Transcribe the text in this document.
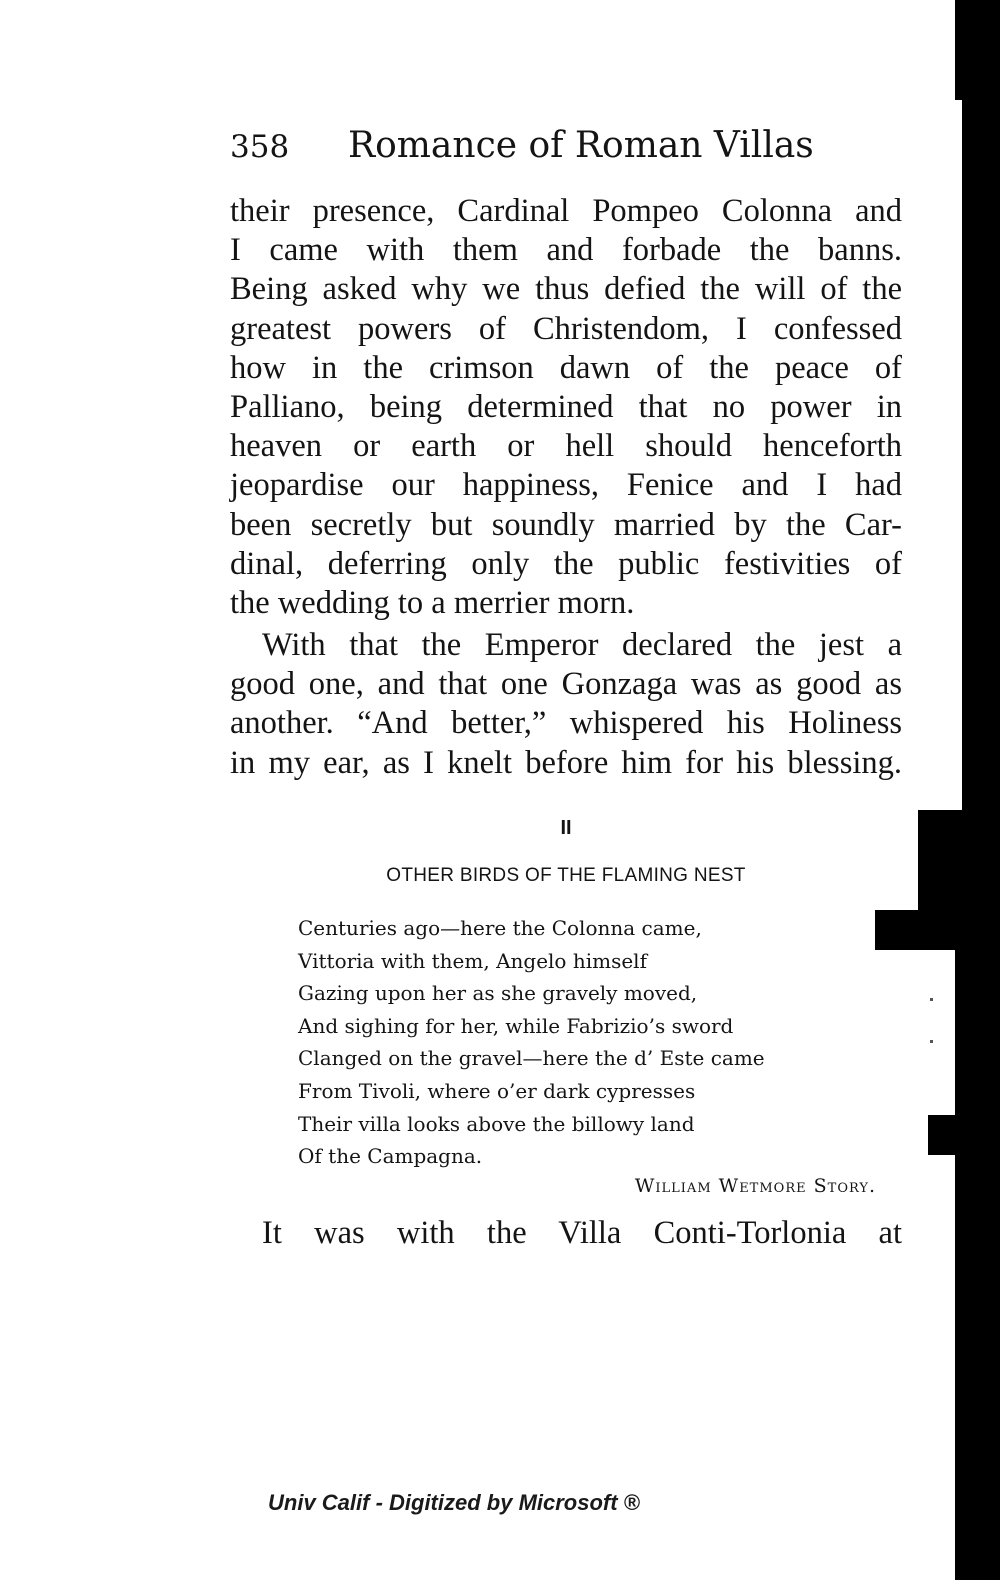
358 Romance of Roman Villas
their presence, Cardinal Pompeo Colonna and
I came with them and forbade the banns.
Being asked why we thus defied the will of the
greatest powers of Christendom, I confessed
how in the crimson dawn of the peace of
Palliano, being determined that no power in
heaven or earth or hell should henceforth
jeopardise our happiness, Fenice and I had
been secretly but soundly married by the Car-
dinal, deferring only the public festivities of
the wedding to a merrier morn.
With that the Emperor declared the jest a
good one, and that one Gonzaga was as good as
another. “And better,” whispered his Holiness
in my ear, as I knelt before him for his blessing.
II
OTHER BIRDS OF THE FLAMING NEST
Centuries ago—here the Colonna came,
Vittoria with them, Angelo himself
Gazing upon her as she gravely moved,
And sighing for her, while Fabrizio’s sword
Clanged on the gravel—here the d’ Este came
From Tivoli, where o’er dark cypresses
Their villa looks above the billowy land
Of the Campagna.
William Wetmore Story.
It was with the Villa Conti-Torlonia at
Univ Calif - Digitized by Microsoft ®
